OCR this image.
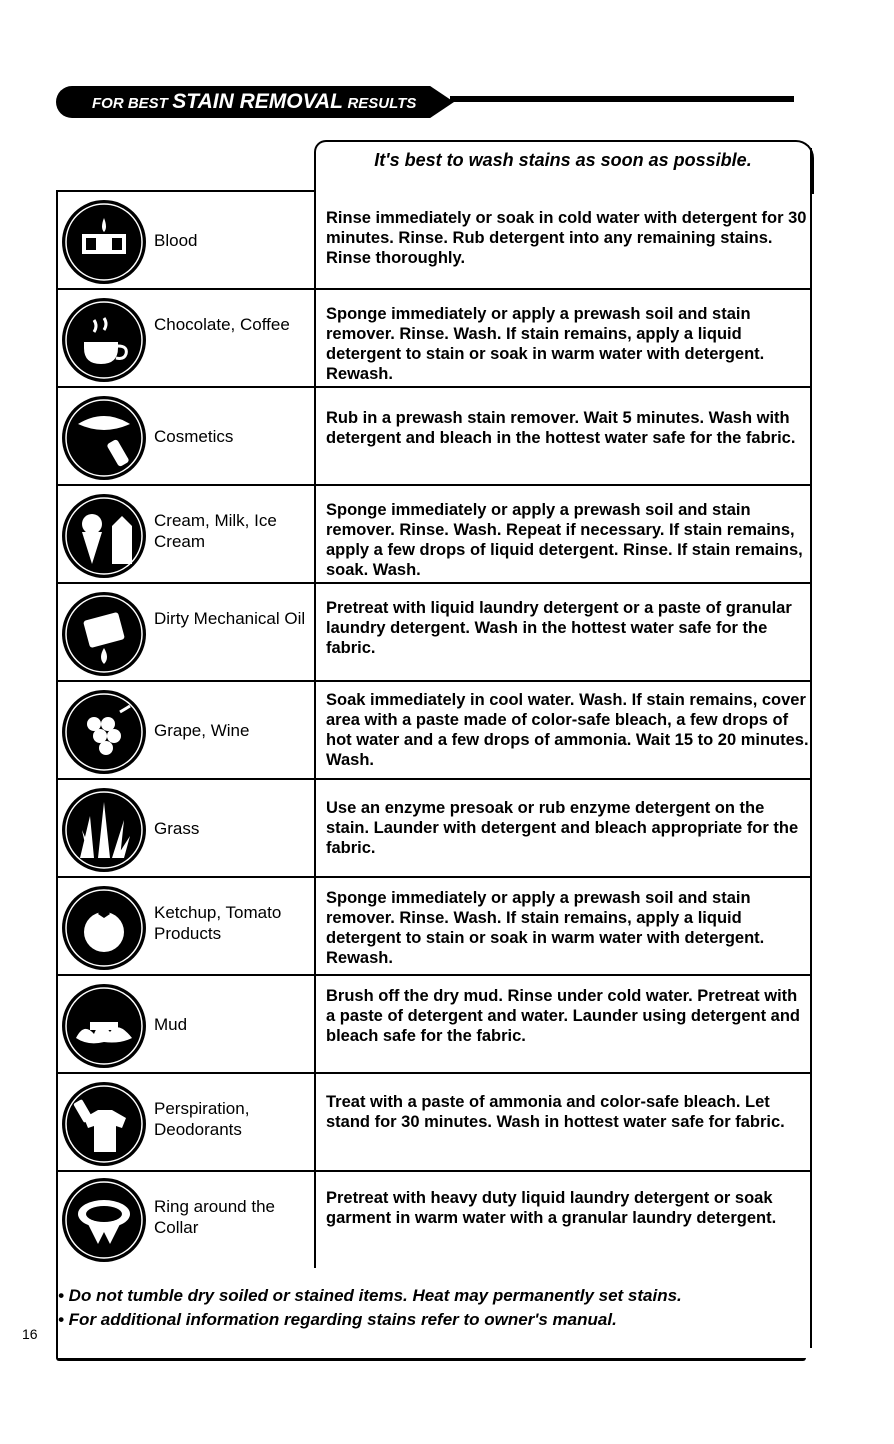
FOR BEST STAIN REMOVAL RESULTS
It's best to wash stains as soon as possible.
Blood
Rinse immediately or soak in cold water with detergent for 30 minutes. Rinse. Rub detergent into any remaining stains. Rinse thoroughly.
Chocolate, Coffee
Sponge immediately or apply a prewash soil and stain remover. Rinse. Wash. If stain remains, apply a liquid detergent to stain or soak in warm water with detergent. Rewash.
Cosmetics
Rub in a prewash stain remover. Wait 5 minutes. Wash with detergent and bleach in the hottest water safe for the fabric.
Cream, Milk, Ice Cream
Sponge immediately or apply a prewash soil and stain remover. Rinse. Wash. Repeat if necessary. If stain remains, apply a few drops of liquid detergent. Rinse. If stain remains, soak. Wash.
Dirty Mechanical Oil
Pretreat with liquid laundry detergent or a paste of granular laundry detergent. Wash in the hottest water safe for the fabric.
Grape, Wine
Soak immediately in cool water. Wash. If stain remains, cover area with a paste made of color-safe bleach, a few drops of hot water and a few drops of ammonia. Wait 15 to 20 minutes. Wash.
Grass
Use an enzyme presoak or rub enzyme detergent on the stain. Launder with detergent and bleach appropriate for the fabric.
Ketchup, Tomato Products
Sponge immediately or apply a prewash soil and stain remover. Rinse. Wash. If stain remains, apply a liquid detergent to stain or soak in warm water with detergent. Rewash.
Mud
Brush off the dry mud. Rinse under cold water. Pretreat with a paste of detergent and water. Launder using detergent and bleach safe for the fabric.
Perspiration, Deodorants
Treat with a paste of ammonia and color-safe bleach. Let stand for 30 minutes. Wash in hottest water safe for fabric.
Ring around the Collar
Pretreat with heavy duty liquid laundry detergent or soak garment in warm water with a granular laundry detergent.
• Do not tumble dry soiled or stained items. Heat may permanently set stains.
• For additional information regarding stains refer to owner's manual.
16
